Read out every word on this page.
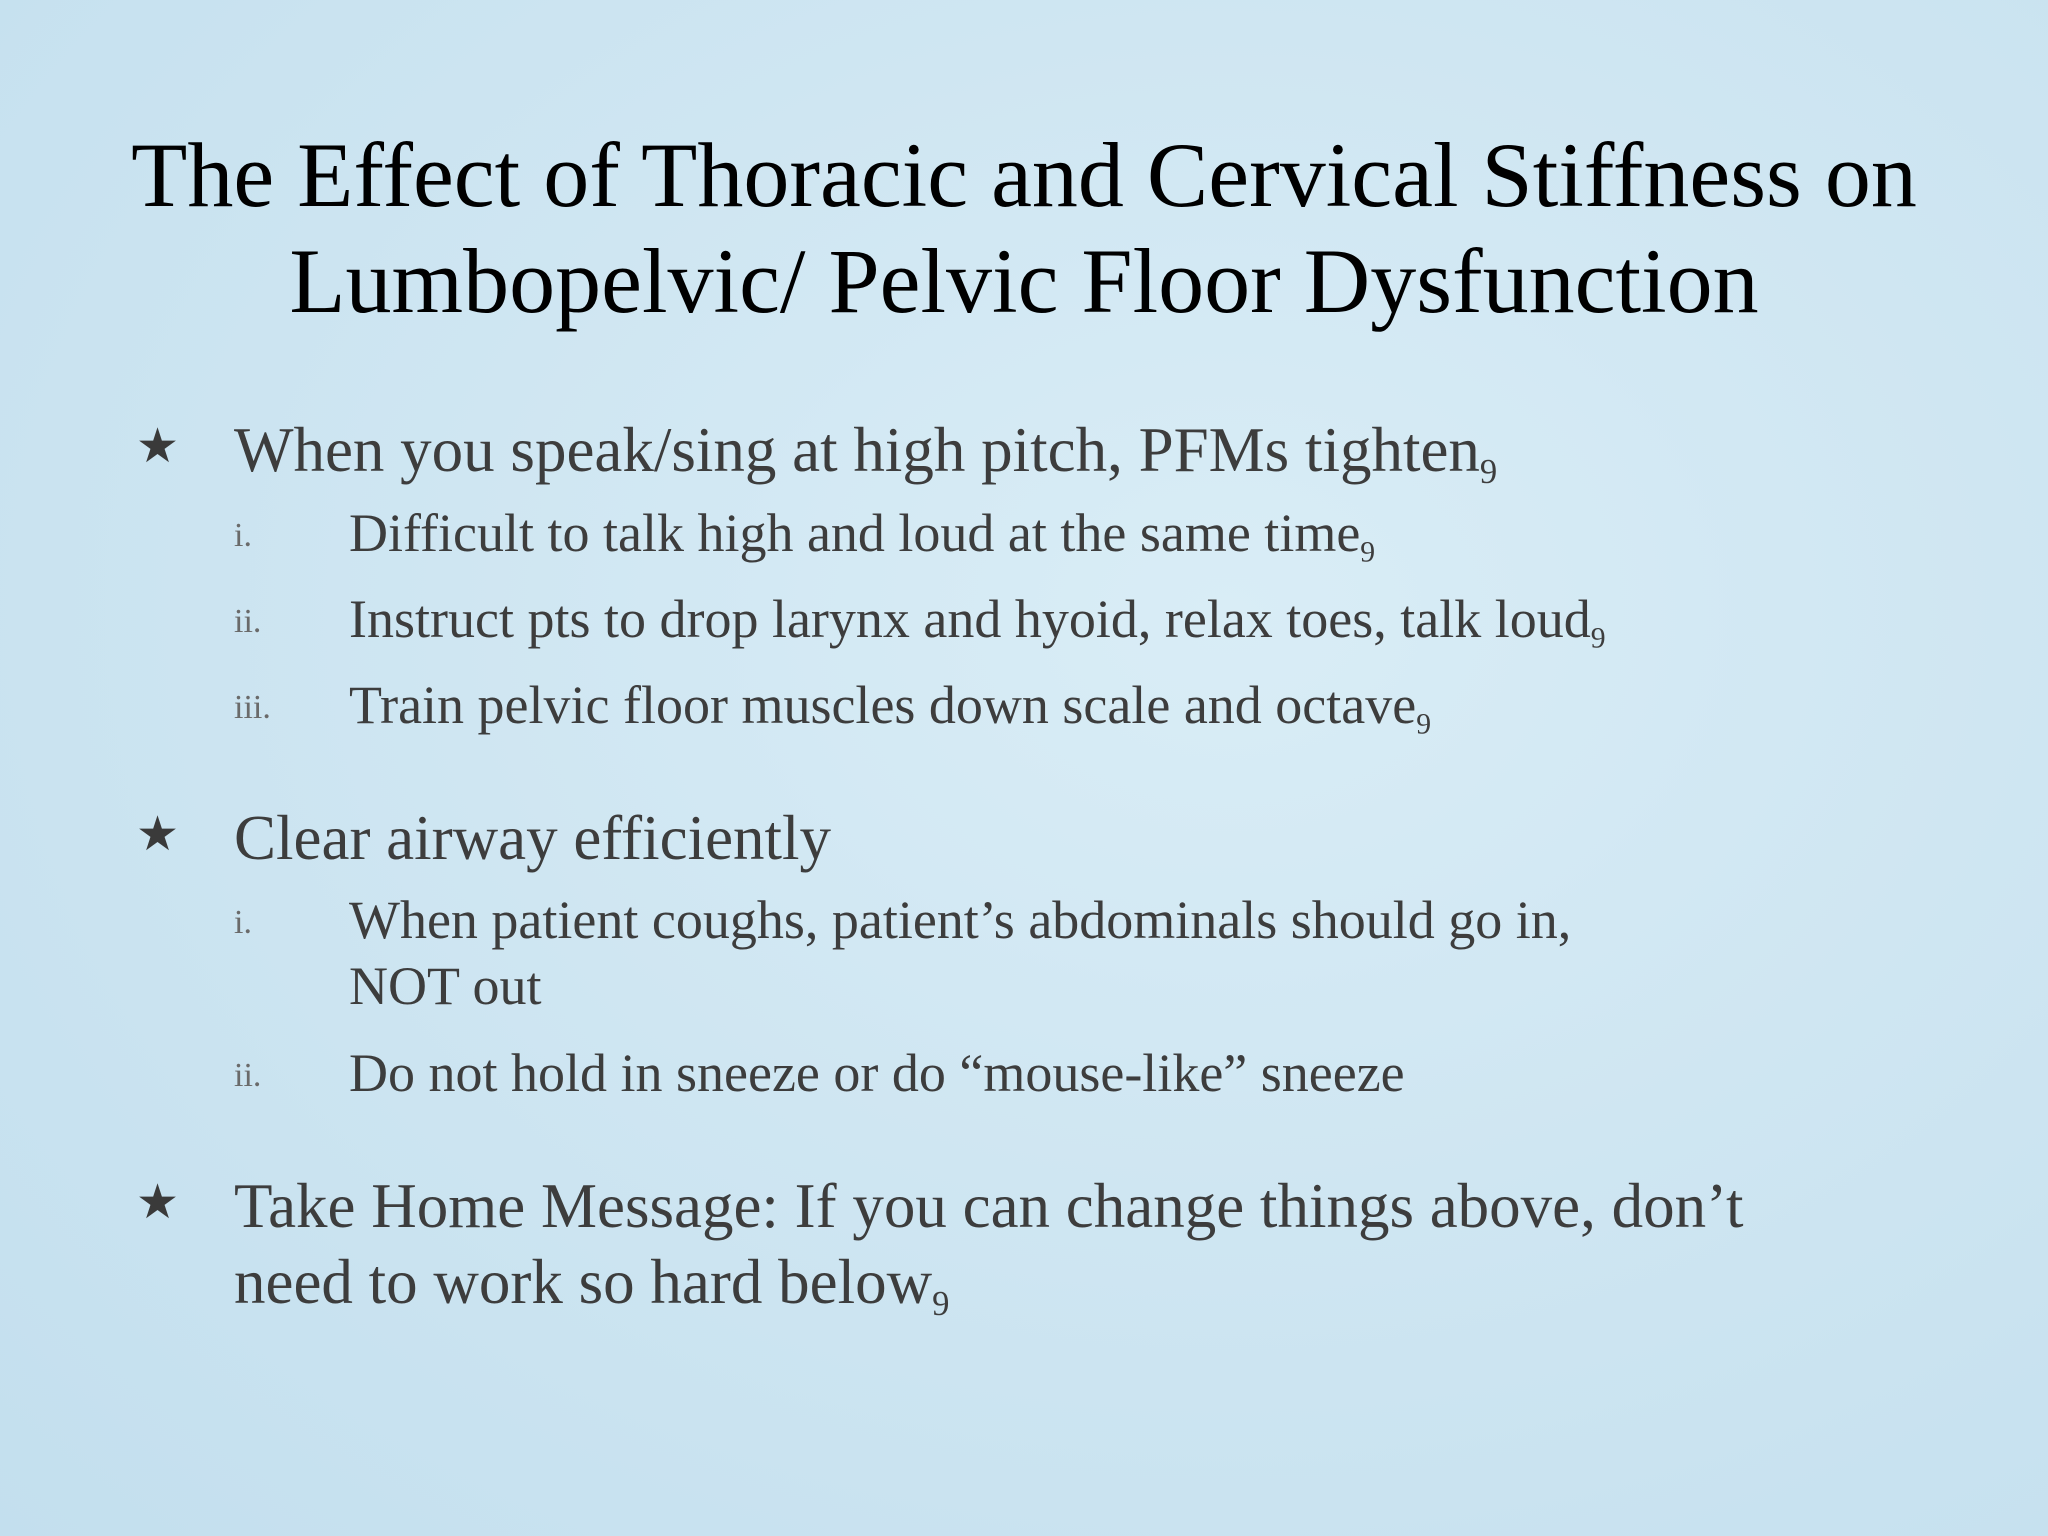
The Effect of Thoracic and Cervical Stiffness on
Lumbopelvic/ Pelvic Floor Dysfunction
★ When you speak/sing at high pitch, PFMs tighten$_9$
i.	Difficult to talk high and loud at the same time$_9$
ii.	Instruct pts to drop larynx and hyoid, relax toes, talk loud$_9$
iii.	Train pelvic floor muscles down scale and octave$_9$
★ Clear airway efficiently
i.	When patient coughs, patient’s abdominals should go in,
NOT out
ii.	Do not hold in sneeze or do “mouse-like” sneeze
★ Take Home Message: If you can change things above, don’t
need to work so hard below$_9$
